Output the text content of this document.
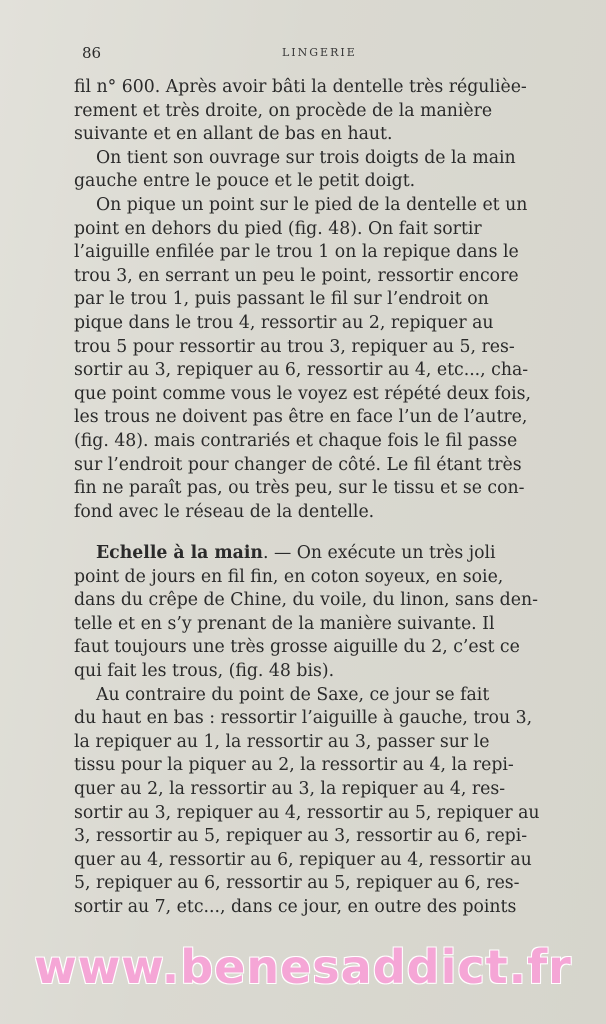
86	LINGERIE
fil n° 600. Après avoir bâti la dentelle très régulièe-
rement et très droite, on procède de la manière
suivante et en allant de bas en haut.
On tient son ouvrage sur trois doigts de la main
gauche entre le pouce et le petit doigt.
On pique un point sur le pied de la dentelle et un
point en dehors du pied (fig. 48). On fait sortir
l’aiguille enfilée par le trou 1 on la repique dans le
trou 3, en serrant un peu le point, ressortir encore
par le trou 1, puis passant le fil sur l’endroit on
pique dans le trou 4, ressortir au 2, repiquer au
trou 5 pour ressortir au trou 3, repiquer au 5, res-
sortir au 3, repiquer au 6, ressortir au 4, etc..., cha-
que point comme vous le voyez est répété deux fois,
les trous ne doivent pas être en face l’un de l’autre,
(fig. 48). mais contrariés et chaque fois le fil passe
sur l’endroit pour changer de côté. Le fil étant très
fin ne paraît pas, ou très peu, sur le tissu et se con-
fond avec le réseau de la dentelle.
Echelle à la main. — On exécute un très joli
point de jours en fil fin, en coton soyeux, en soie,
dans du crêpe de Chine, du voile, du linon, sans den-
telle et en s’y prenant de la manière suivante. Il
faut toujours une très grosse aiguille du 2, c’est ce
qui fait les trous, (fig. 48 bis).
Au contraire du point de Saxe, ce jour se fait
du haut en bas : ressortir l’aiguille à gauche, trou 3,
la repiquer au 1, la ressortir au 3, passer sur le
tissu pour la piquer au 2, la ressortir au 4, la repi-
quer au 2, la ressortir au 3, la repiquer au 4, res-
sortir au 3, repiquer au 4, ressortir au 5, repiquer au
3, ressortir au 5, repiquer au 3, ressortir au 6, repi-
quer au 4, ressortir au 6, repiquer au 4, ressortir au
5, repiquer au 6, ressortir au 5, repiquer au 6, res-
sortir au 7, etc..., dans ce jour, en outre des points
www.benesaddict.fr
